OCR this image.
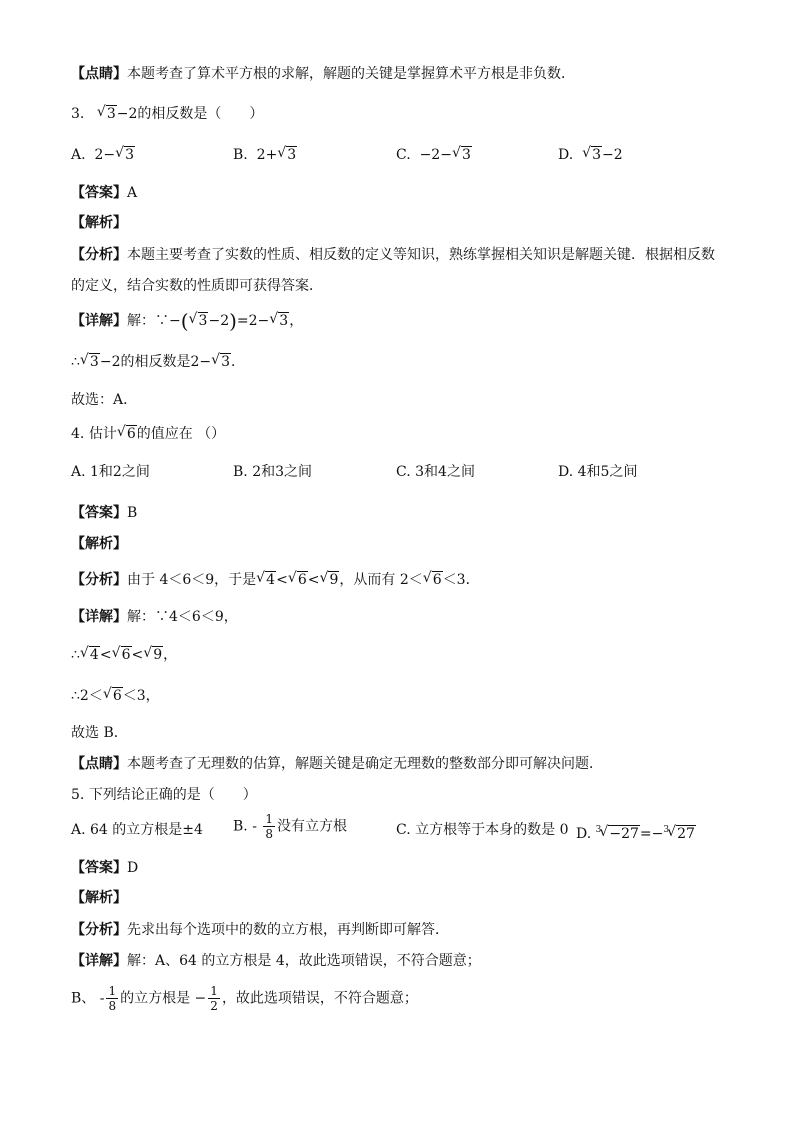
【点睛】本题考查了算术平方根的求解，解题的关键是掌握算术平方根是非负数．
3. √ 3−2的相反数是（　　）
A. 2− √ 3	B. 2+ √ 3	C. −2− √ 3	D. √ 3−2
【答案】A
【解析】
【分析】本题主要考查了实数的性质、相反数的定义等知识，熟练掌握相关知识是解题关键．根据相反数
的定义，结合实数的性质即可获得答案．
【详解】解：∵−( √ 3−2)=2− √ 3，
∴ √ 3−2的相反数是2− √ 3．
故选：A．
4. 估计 √ 6的值应在 （）
A. 1和2之间	B. 2和3之间	C. 3和4之间	D. 4和5之间
【答案】B
【解析】
【分析】由于 4＜6＜9，于是 √ 4< √ 6< √ 9，从而有 2＜ √ 6＜3．
【详解】解：∵4＜6＜9，
∴ √ 4< √ 6< √ 9，
∴2＜ √ 6＜3，
故选 B．
【点睛】本题考查了无理数的估算，解题关键是确定无理数的整数部分即可解决问题．
5. 下列结论正确的是（　　）
A. 64 的立方根是±4 B. - $\frac{1}{8}$ 没有立方根	C. 立方根等于本身的数是 0 D. $^3$ √ −27=−$^3$ √ 27
【答案】D
【解析】
【分析】先求出每个选项中的数的立方根，再判断即可解答．
【详解】解：A、64 的立方根是 4，故此选项错误，不符合题意；
B、 - $\frac{1}{8}$ 的立方根是 − $\frac{1}{2}$ ，故此选项错误，不符合题意；
